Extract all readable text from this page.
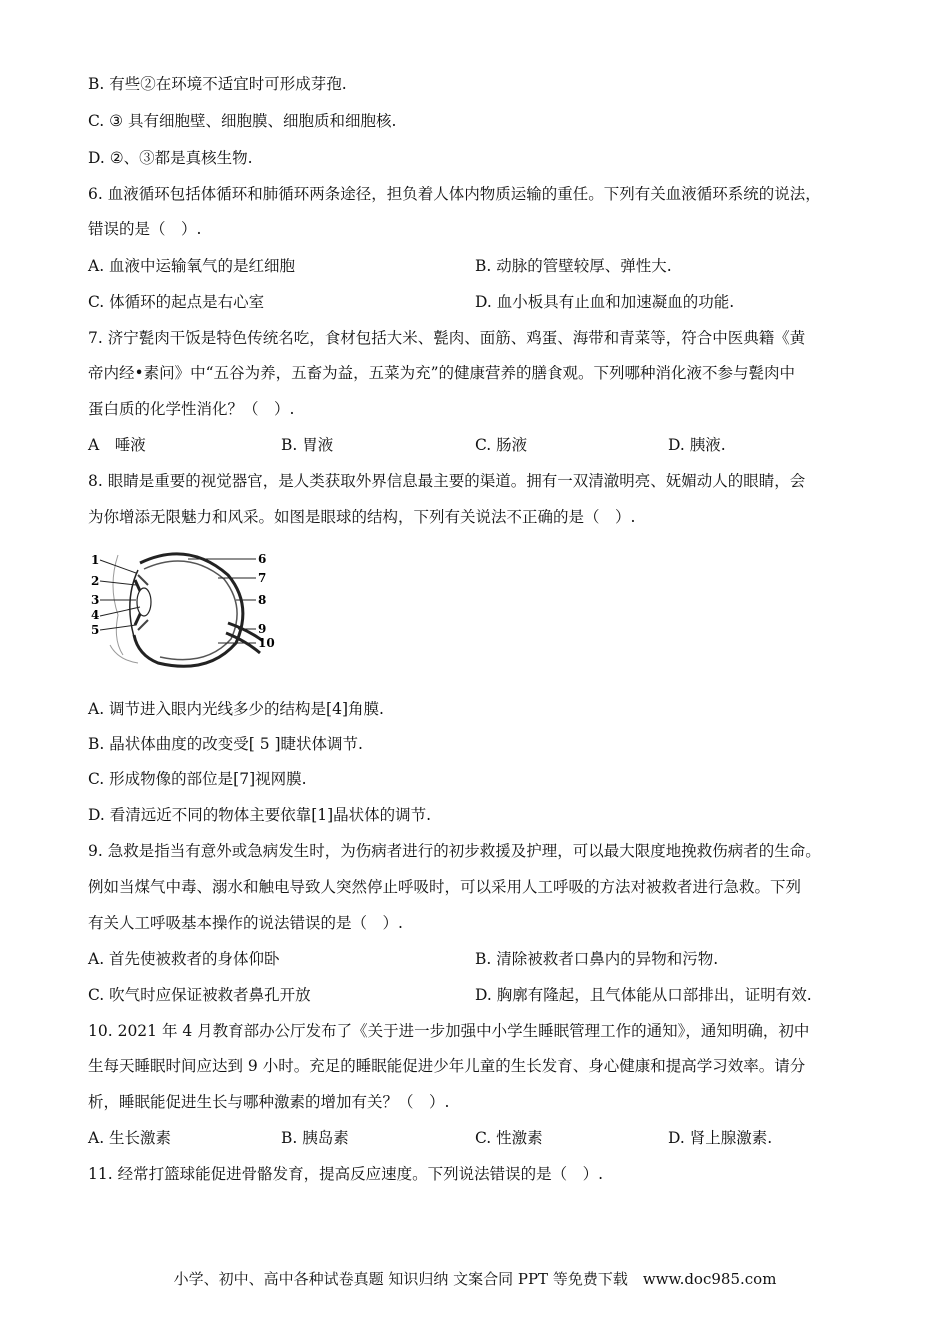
B. 有些②在环境不适宜时可形成芽孢.
C. ③ 具有细胞壁、细胞膜、细胞质和细胞核.
D. ②、③都是真核生物.
6. 血液循环包括体循环和肺循环两条途径，担负着人体内物质运输的重任。下列有关血液循环系统的说法，
错误的是（　）.
A. 血液中运输氧气的是红细胞	B. 动脉的管壁较厚、弹性大.
C. 体循环的起点是右心室	D. 血小板具有止血和加速凝血的功能.
7. 济宁甏肉干饭是特色传统名吃，食材包括大米、甏肉、面筋、鸡蛋、海带和青菜等，符合中医典籍《黄
帝内经•素问》中“五谷为养，五畜为益，五菜为充”的健康营养的膳食观。下列哪种消化液不参与甏肉中
蛋白质的化学性消化？（　）.
A　唾液	B. 胃液	C. 肠液	D. 胰液.
8. 眼睛是重要的视觉器官，是人类获取外界信息最主要的渠道。拥有一双清澈明亮、妩媚动人的眼睛，会
为你增添无限魅力和风采。如图是眼球的结构，下列有关说法不正确的是（　）.
1
2
3
4
5
6
7
8
9
10
A. 调节进入眼内光线多少的结构是[4]角膜.
B. 晶状体曲度的改变受[ 5 ]睫状体调节.
C. 形成物像的部位是[7]视网膜.
D. 看清远近不同的物体主要依靠[1]晶状体的调节.
9. 急救是指当有意外或急病发生时，为伤病者进行的初步救援及护理，可以最大限度地挽救伤病者的生命。
例如当煤气中毒、溺水和触电导致人突然停止呼吸时，可以采用人工呼吸的方法对被救者进行急救。下列
有关人工呼吸基本操作的说法错误的是（　）.
A. 首先使被救者的身体仰卧	B. 清除被救者口鼻内的异物和污物.
C. 吹气时应保证被救者鼻孔开放	D. 胸廓有隆起，且气体能从口部排出，证明有效.
10. 2021 年 4 月教育部办公厅发布了《关于进一步加强中小学生睡眠管理工作的通知》，通知明确，初中
生每天睡眠时间应达到 9 小时。充足的睡眠能促进少年儿童的生长发育、身心健康和提高学习效率。请分
析，睡眠能促进生长与哪种激素的增加有关？（　）.
A. 生长激素	B. 胰岛素	C. 性激素	D. 肾上腺激素.
11. 经常打篮球能促进骨骼发育，提高反应速度。下列说法错误的是（　）.
小学、初中、高中各种试卷真题 知识归纳 文案合同 PPT 等免费下载　www.doc985.com
